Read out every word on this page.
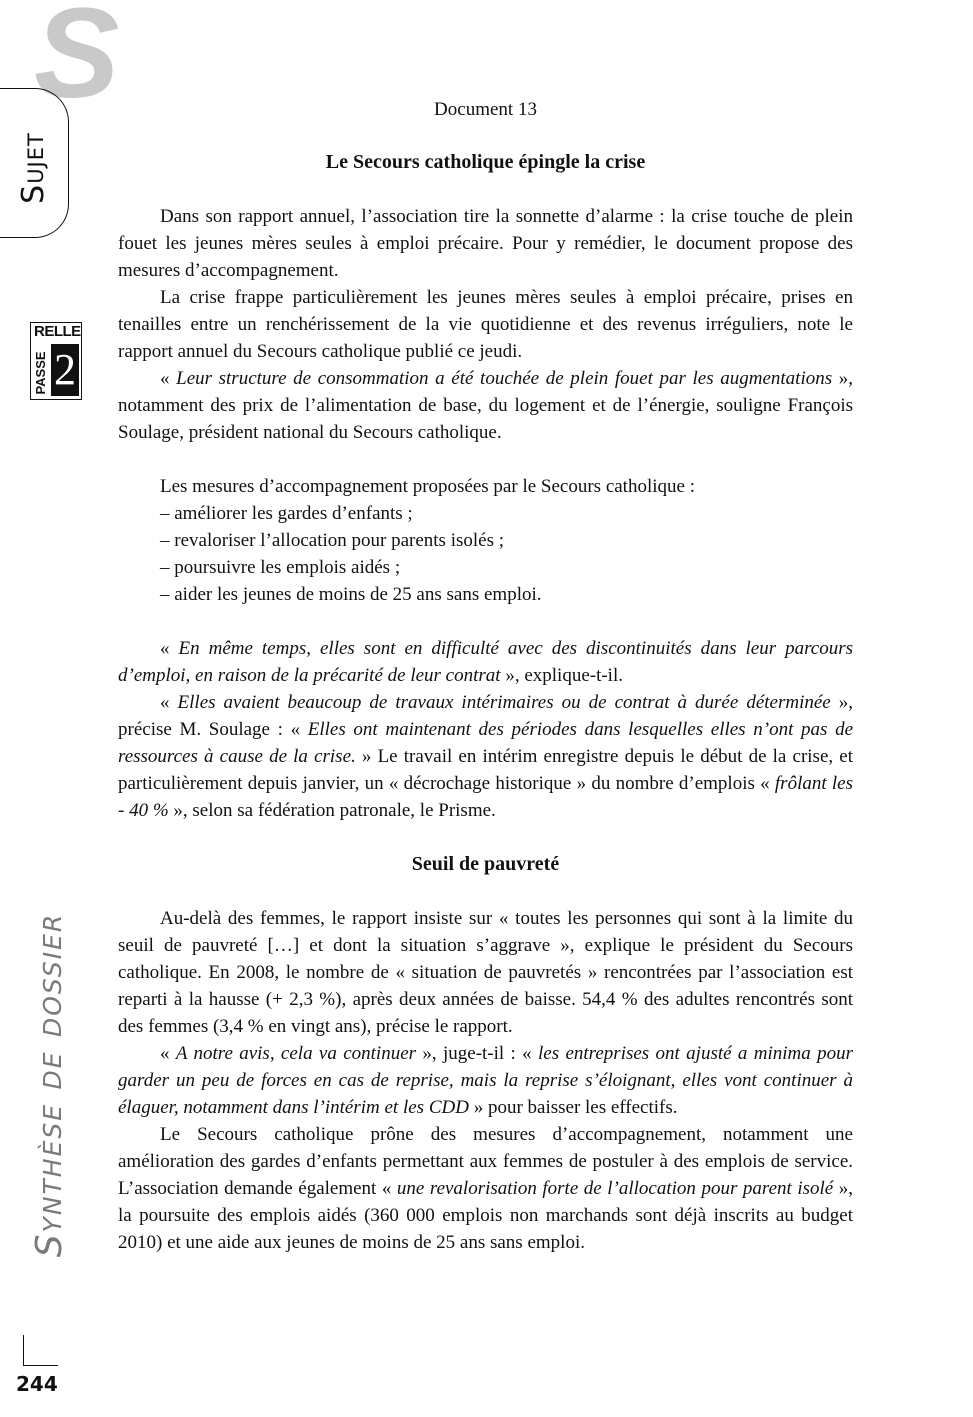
S
Sujet
RELLE
PASSE 2
Synthèse de dossier
244
Document 13
Le Secours catholique épingle la crise

Dans son rapport annuel, l’association tire la sonnette d’alarme : la crise touche de plein fouet les jeunes mères seules à emploi précaire. Pour y remédier, le document propose des mesures d’accompagnement.

La crise frappe particulièrement les jeunes mères seules à emploi précaire, prises en tenailles entre un renchérissement de la vie quotidienne et des revenus irréguliers, note le rapport annuel du Secours catholique publié ce jeudi.

« Leur structure de consommation a été touchée de plein fouet par les augmentations », notamment des prix de l’alimentation de base, du logement et de l’énergie, souligne François Soulage, président national du Secours catholique.

Les mesures d’accompagnement proposées par le Secours catholique :

– améliorer les gardes d’enfants ;
– revaloriser l’allocation pour parents isolés ;
– poursuivre les emplois aidés ;
– aider les jeunes de moins de 25 ans sans emploi.

« En même temps, elles sont en difficulté avec des discontinuités dans leur parcours d’emploi, en raison de la précarité de leur contrat », explique-t-il.

« Elles avaient beaucoup de travaux intérimaires ou de contrat à durée déterminée », précise M. Soulage : « Elles ont maintenant des périodes dans lesquelles elles n’ont pas de ressources à cause de la crise. » Le travail en intérim enregistre depuis le début de la crise, et particulièrement depuis janvier, un « décrochage historique » du nombre d’emplois « frôlant les - 40 % », selon sa fédération patronale, le Prisme.

Seuil de pauvreté

Au-delà des femmes, le rapport insiste sur « toutes les personnes qui sont à la limite du seuil de pauvreté […] et dont la situation s’aggrave », explique le président du Secours catholique. En 2008, le nombre de « situation de pauvretés » rencontrées par l’association est reparti à la hausse (+ 2,3 %), après deux années de baisse. 54,4 % des adultes rencontrés sont des femmes (3,4 % en vingt ans), précise le rapport.

« A notre avis, cela va continuer », juge-t-il : « les entreprises ont ajusté a minima pour garder un peu de forces en cas de reprise, mais la reprise s’éloignant, elles vont continuer à élaguer, notamment dans l’intérim et les CDD » pour baisser les effectifs.

Le Secours catholique prône des mesures d’accompagnement, notamment une amélioration des gardes d’enfants permettant aux femmes de postuler à des emplois de service. L’association demande également « une revalorisation forte de l’allocation pour parent isolé », la poursuite des emplois aidés (360 000 emplois non marchands sont déjà inscrits au budget 2010) et une aide aux jeunes de moins de 25 ans sans emploi.
